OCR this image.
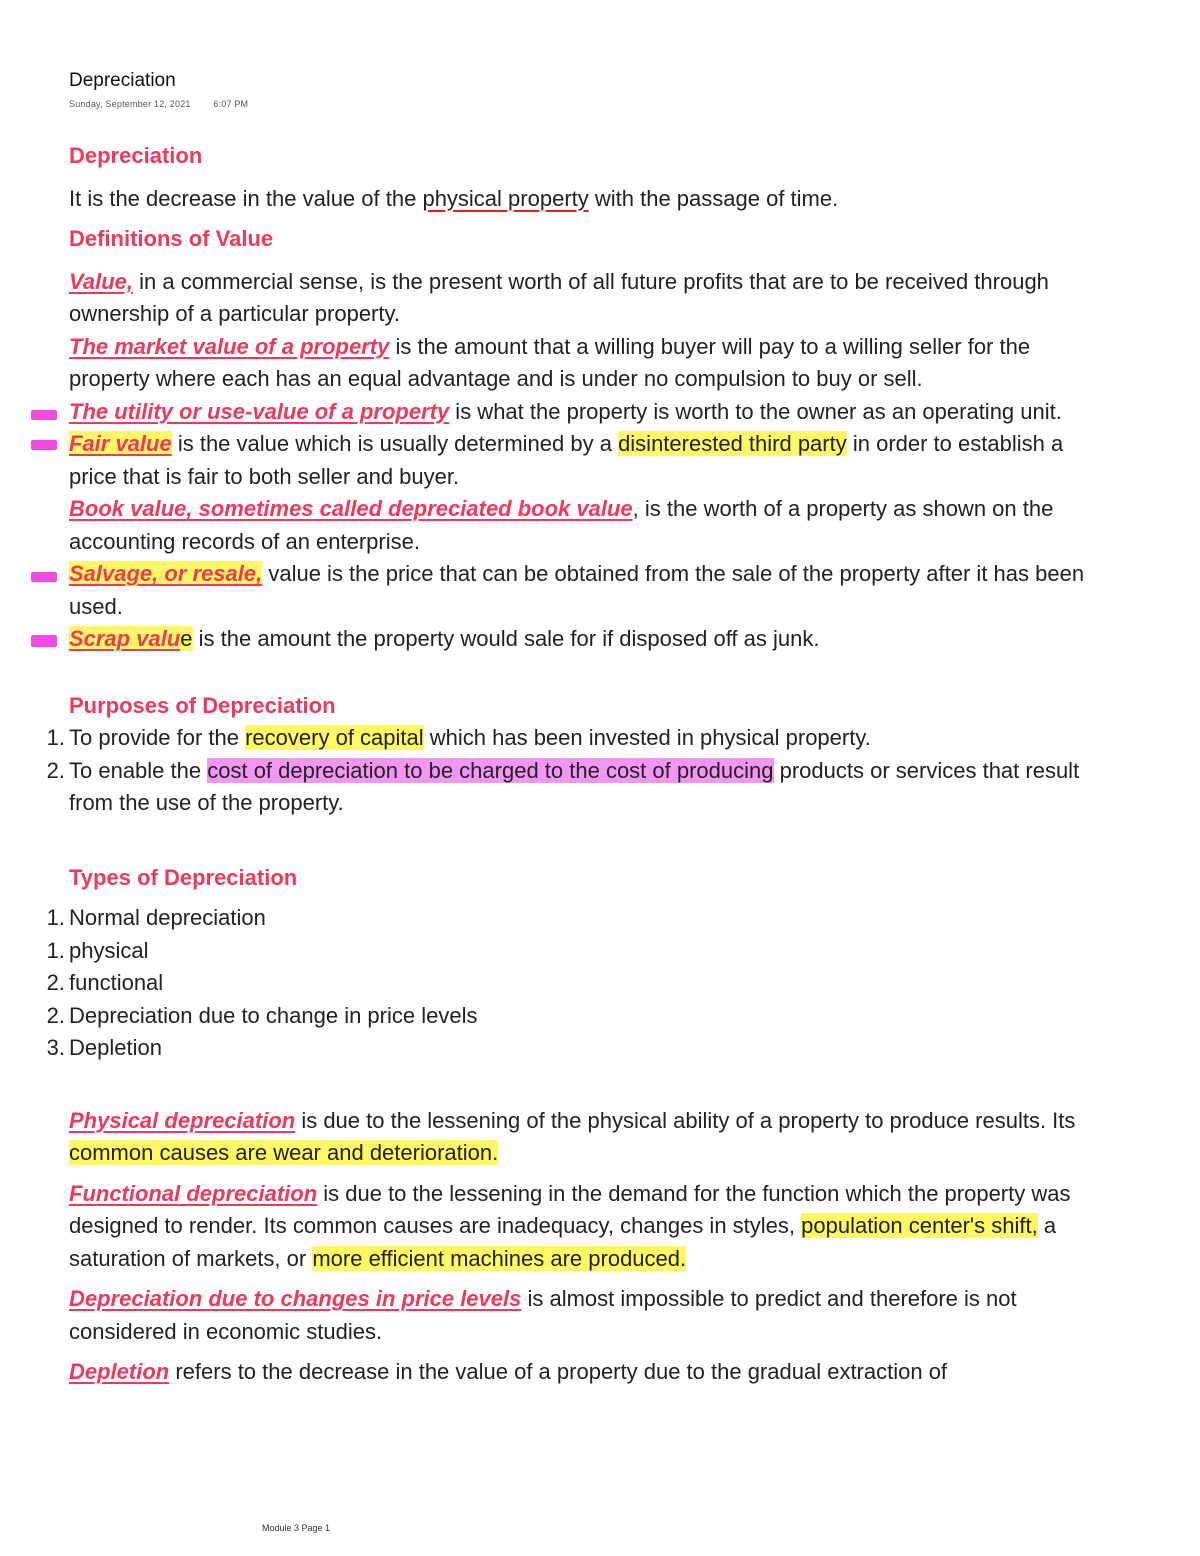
Depreciation
Sunday, September 12, 2021	6:07 PM
Depreciation

It is the decrease in the value of the physical property with the passage of time.

Definitions of Value

Value, in a commercial sense, is the present worth of all future profits that are to be received through ownership of a particular property.

The market value of a property is the amount that a willing buyer will pay to a willing seller for the property where each has an equal advantage and is under no compulsion to buy or sell.

The utility or use-value of a property is what the property is worth to the owner as an operating unit.

Fair value is the value which is usually determined by a disinterested third party in order to establish a price that is fair to both seller and buyer.

Book value, sometimes called depreciated book value, is the worth of a property as shown on the accounting records of an enterprise.

Salvage, or resale, value is the price that can be obtained from the sale of the property after it has been used.

Scrap value is the amount the property would sale for if disposed off as junk.

Purposes of Depreciation
1. To provide for the recovery of capital which has been invested in physical property.
2. To enable the cost of depreciation to be charged to the cost of producing products or services that result from the use of the property.
Types of Depreciation
1. Normal depreciation
1. physical
2. functional
2. Depreciation due to change in price levels
3. Depletion

Physical depreciation is due to the lessening of the physical ability of a property to produce results. Its common causes are wear and deterioration.

Functional depreciation is due to the lessening in the demand for the function which the property was designed to render. Its common causes are inadequacy, changes in styles, population center's shift, a saturation of markets, or more efficient machines are produced.

Depreciation due to changes in price levels is almost impossible to predict and therefore is not considered in economic studies.

Depletion refers to the decrease in the value of a property due to the gradual extraction of

Module 3 Page 1
